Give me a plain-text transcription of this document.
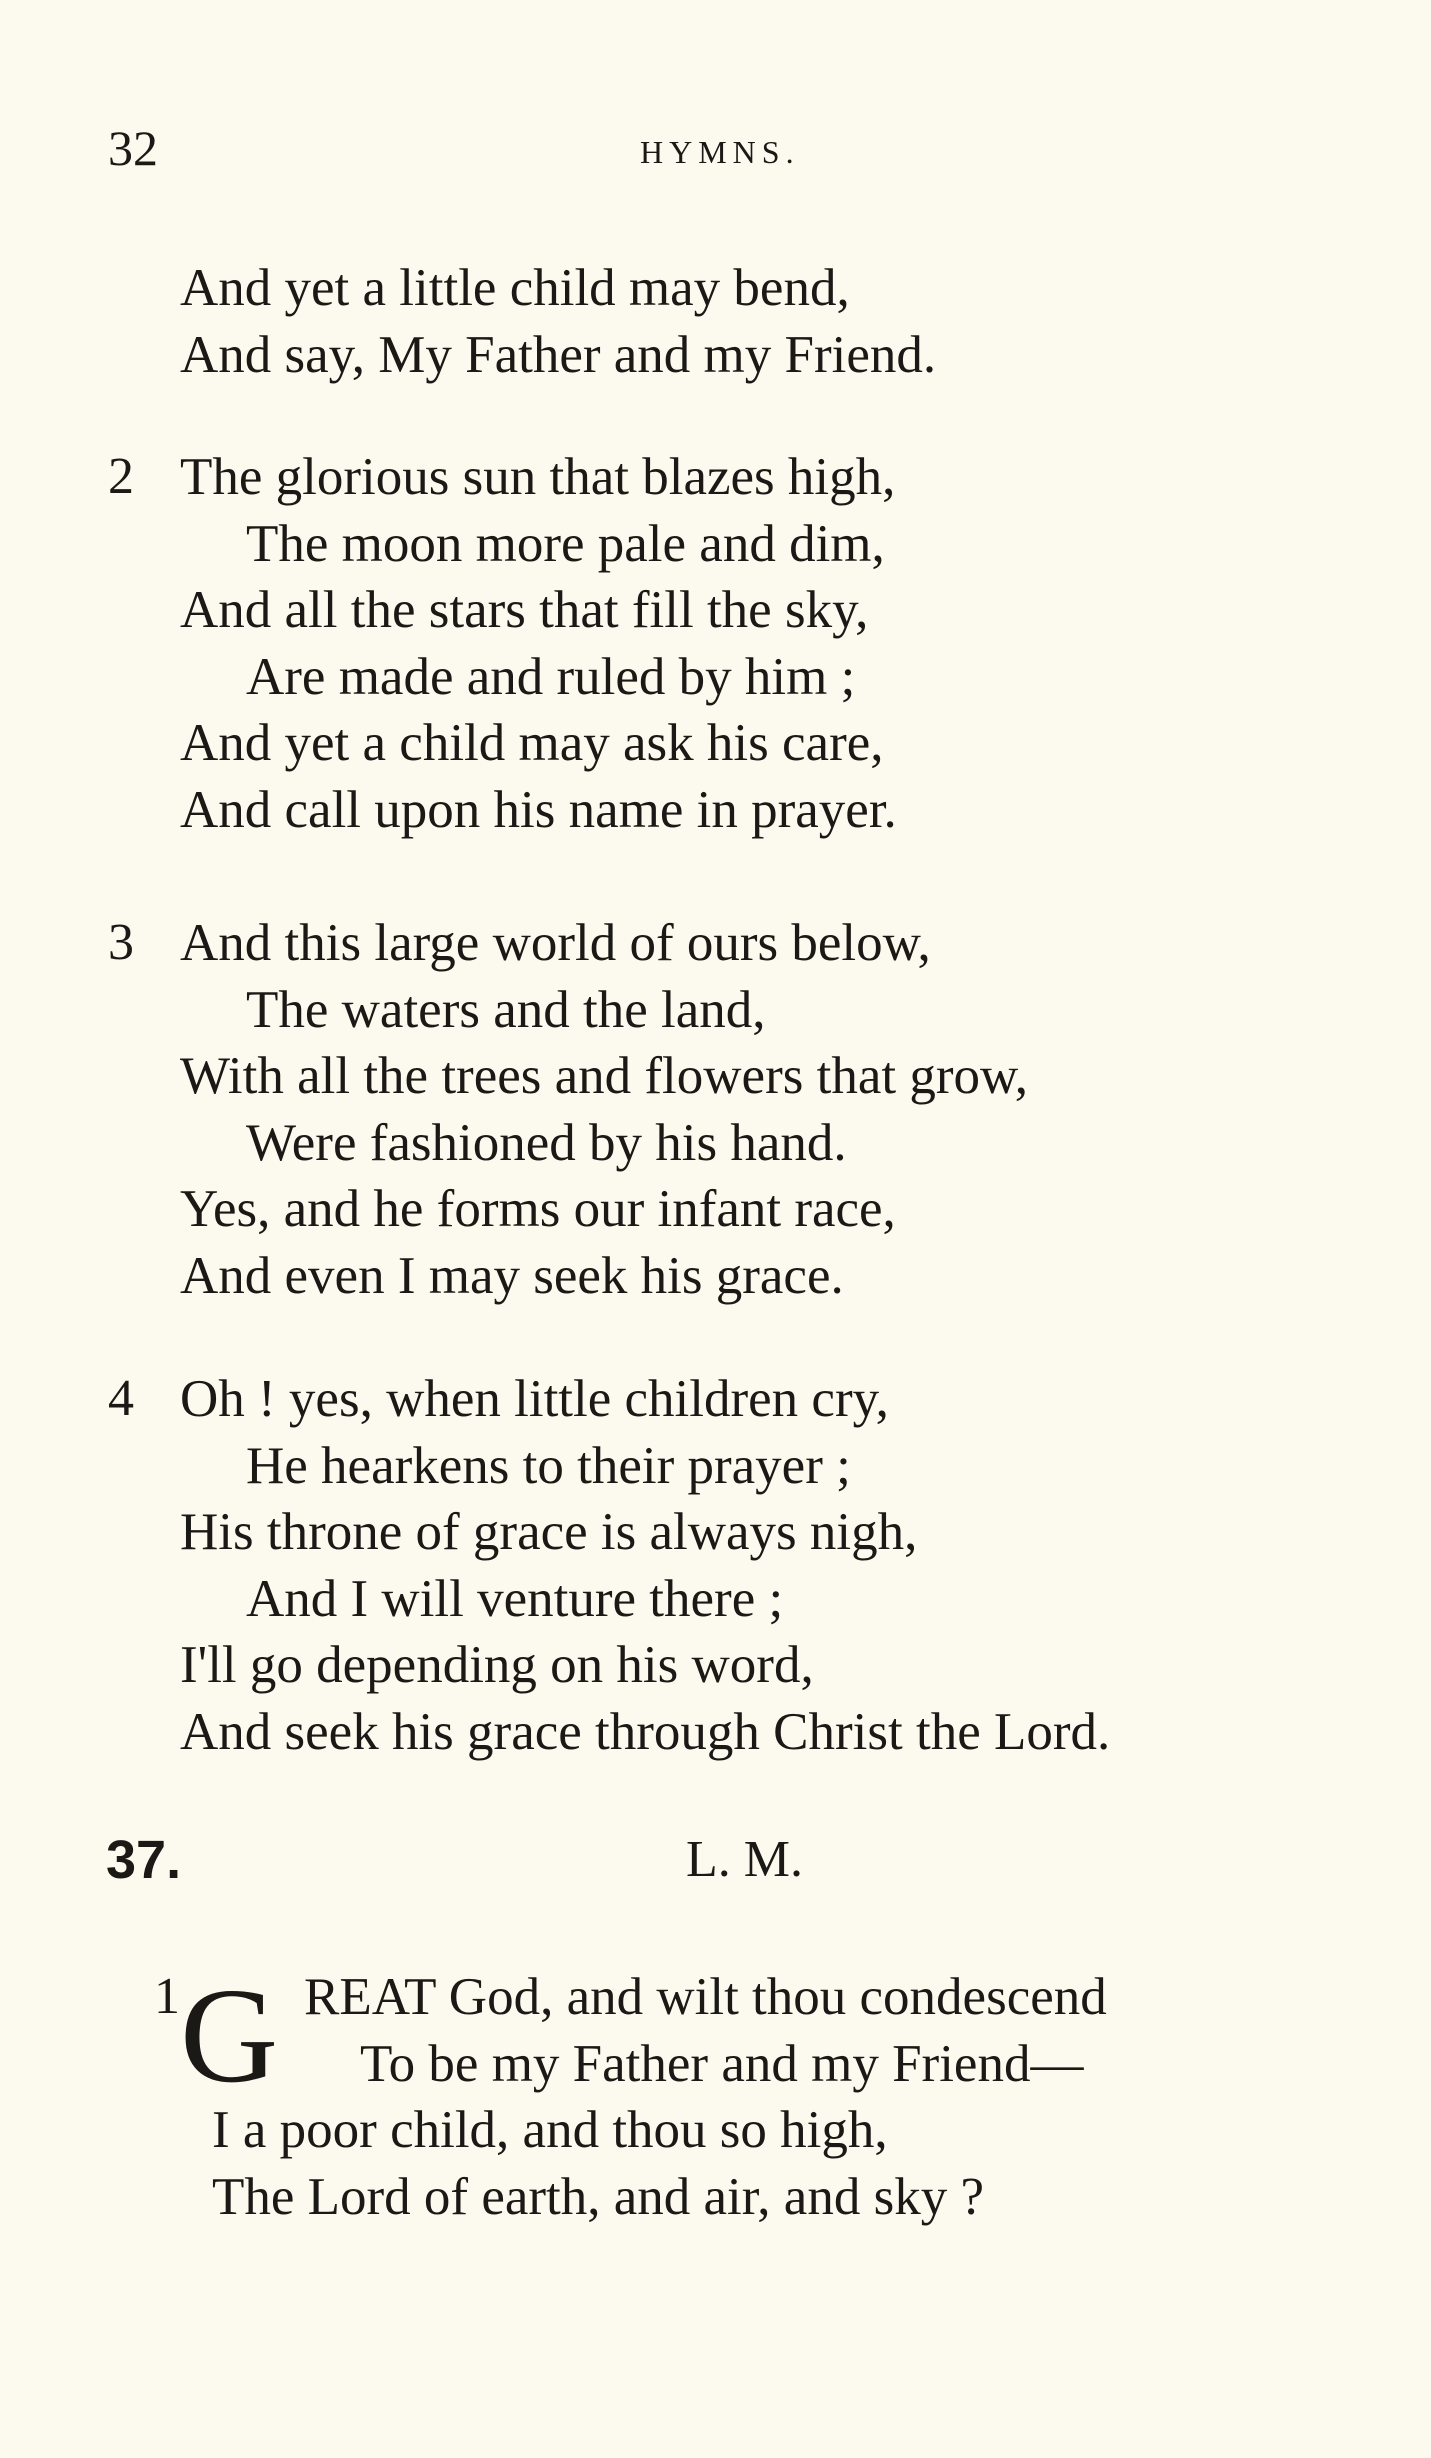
32	HYMNS.
And yet a little child may bend,
And say, My Father and my Friend.
2 The glorious sun that blazes high,
The moon more pale and dim,
And all the stars that fill the sky,
Are made and ruled by him ;
And yet a child may ask his care,
And call upon his name in prayer.
3 And this large world of ours below,
The waters and the land,
With all the trees and flowers that grow,
Were fashioned by his hand.
Yes, and he forms our infant race,
And even I may seek his grace.
4 Oh ! yes, when little children cry,
He hearkens to their prayer ;
His throne of grace is always nigh,
And I will venture there ;
I'll go depending on his word,
And seek his grace through Christ the Lord.
37.	L. M.
1 G REAT God, and wilt thou condescend
To be my Father and my Friend—
I a poor child, and thou so high,
The Lord of earth, and air, and sky ?
